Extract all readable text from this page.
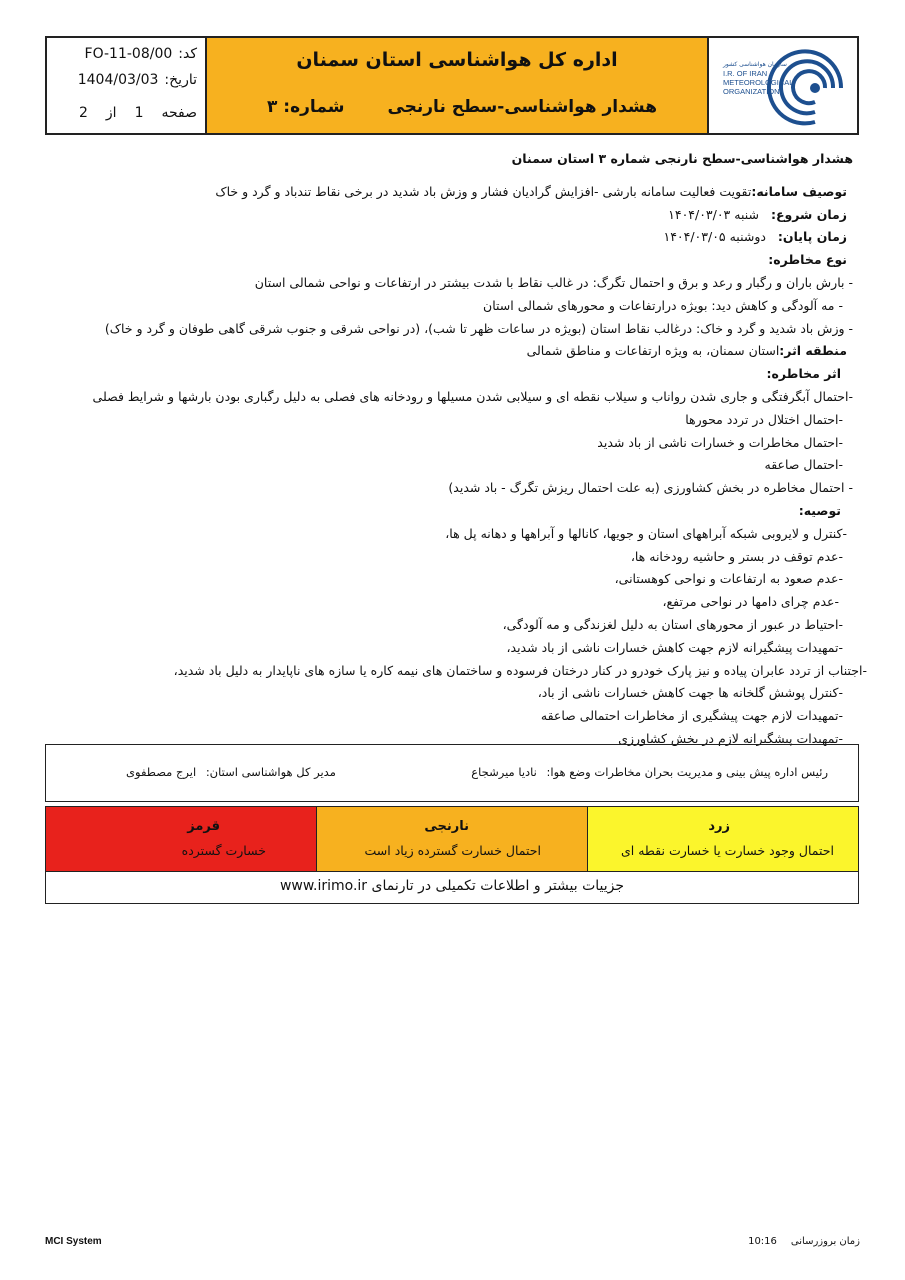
کد:
FO-11-08/00
تاریخ:
1404/03/03
صفحه
1
از
2
اداره کل هواشناسی استان سمنان
هشدار هواشناسی-سطح نارنجی
شماره: ۳
سازمان هواشناسی کشور
I.R. OF IRAN
METEOROLOGICAL
ORGANIZATION
هشدار هواشناسی-سطح نارنجی شماره ۳ استان سمنان
توصیف سامانه:تقویت فعالیت سامانه بارشی -افزایش گرادیان فشار و وزش باد شدید در برخی نقاط تندباد و گرد و خاک
زمان شروع: شنبه ۱۴۰۴/۰۳/۰۳
زمان پایان: دوشنبه ۱۴۰۴/۰۳/۰۵
نوع مخاطره:
- بارش باران و رگبار و رعد و برق و احتمال تگرگ: در غالب نقاط با شدت بیشتر در ارتفاعات و نواحی شمالی استان
- مه آلودگی و کاهش دید: بویژه درارتفاعات و محورهای شمالی استان
- وزش باد شدید و گرد و خاک: درغالب نقاط استان (بویژه در ساعات ظهر تا شب)، (در نواحی شرقی و جنوب شرقی گاهی طوفان و گرد و خاک)
منطقه اثر:استان سمنان، به ویژه ارتفاعات و مناطق شمالی
اثر مخاطره:
-احتمال آبگرفتگی و جاری شدن رواناب و سیلاب نقطه ای و سیلابی شدن مسیلها و رودخانه های فصلی به دلیل رگباری بودن بارشها و شرایط فصلی
-احتمال اختلال در تردد محورها
-احتمال مخاطرات و خسارات ناشی از باد شدید
-احتمال صاعقه
- احتمال مخاطره در بخش کشاورزی (به علت احتمال ریزش تگرگ - باد شدید)
توصیه:
-کنترل و لایروبی شبکه آبراههای استان و جویها، کانالها و آبراهها و دهانه پل ها،
-عدم توقف در بستر و حاشیه رودخانه ها،
-عدم صعود به ارتفاعات و نواحی کوهستانی،
-عدم چرای دامها در نواحی مرتفع،
-احتیاط در عبور از محورهای استان به دلیل لغزندگی و مه آلودگی،
-تمهیدات پیشگیرانه لازم جهت کاهش خسارات ناشی از باد شدید،
-اجتناب از تردد عابران پیاده و نیز پارک خودرو در کنار درختان فرسوده و ساختمان های نیمه کاره یا سازه های ناپایدار به دلیل باد شدید،
-کنترل پوشش گلخانه ها جهت کاهش خسارات ناشی از باد،
-تمهیدات لازم جهت پیشگیری از مخاطرات احتمالی صاعقه
-تمهیدات پیشگیرانه لازم در بخش کشاورزی
رئیس اداره پیش بینی و مدیریت بحران مخاطرات وضع هوا: نادیا میرشجاع
مدیر کل هواشناسی استان: ایرج مصطفوی
زرد
احتمال وجود خسارت یا خسارت نقطه ای
نارنجی
احتمال خسارت گسترده زیاد است
قرمز
خسارت گسترده
جزییات بیشتر و اطلاعات تکمیلی در تارنمای www.irimo.ir
MCI System	زمان بروزرسانی10:16
